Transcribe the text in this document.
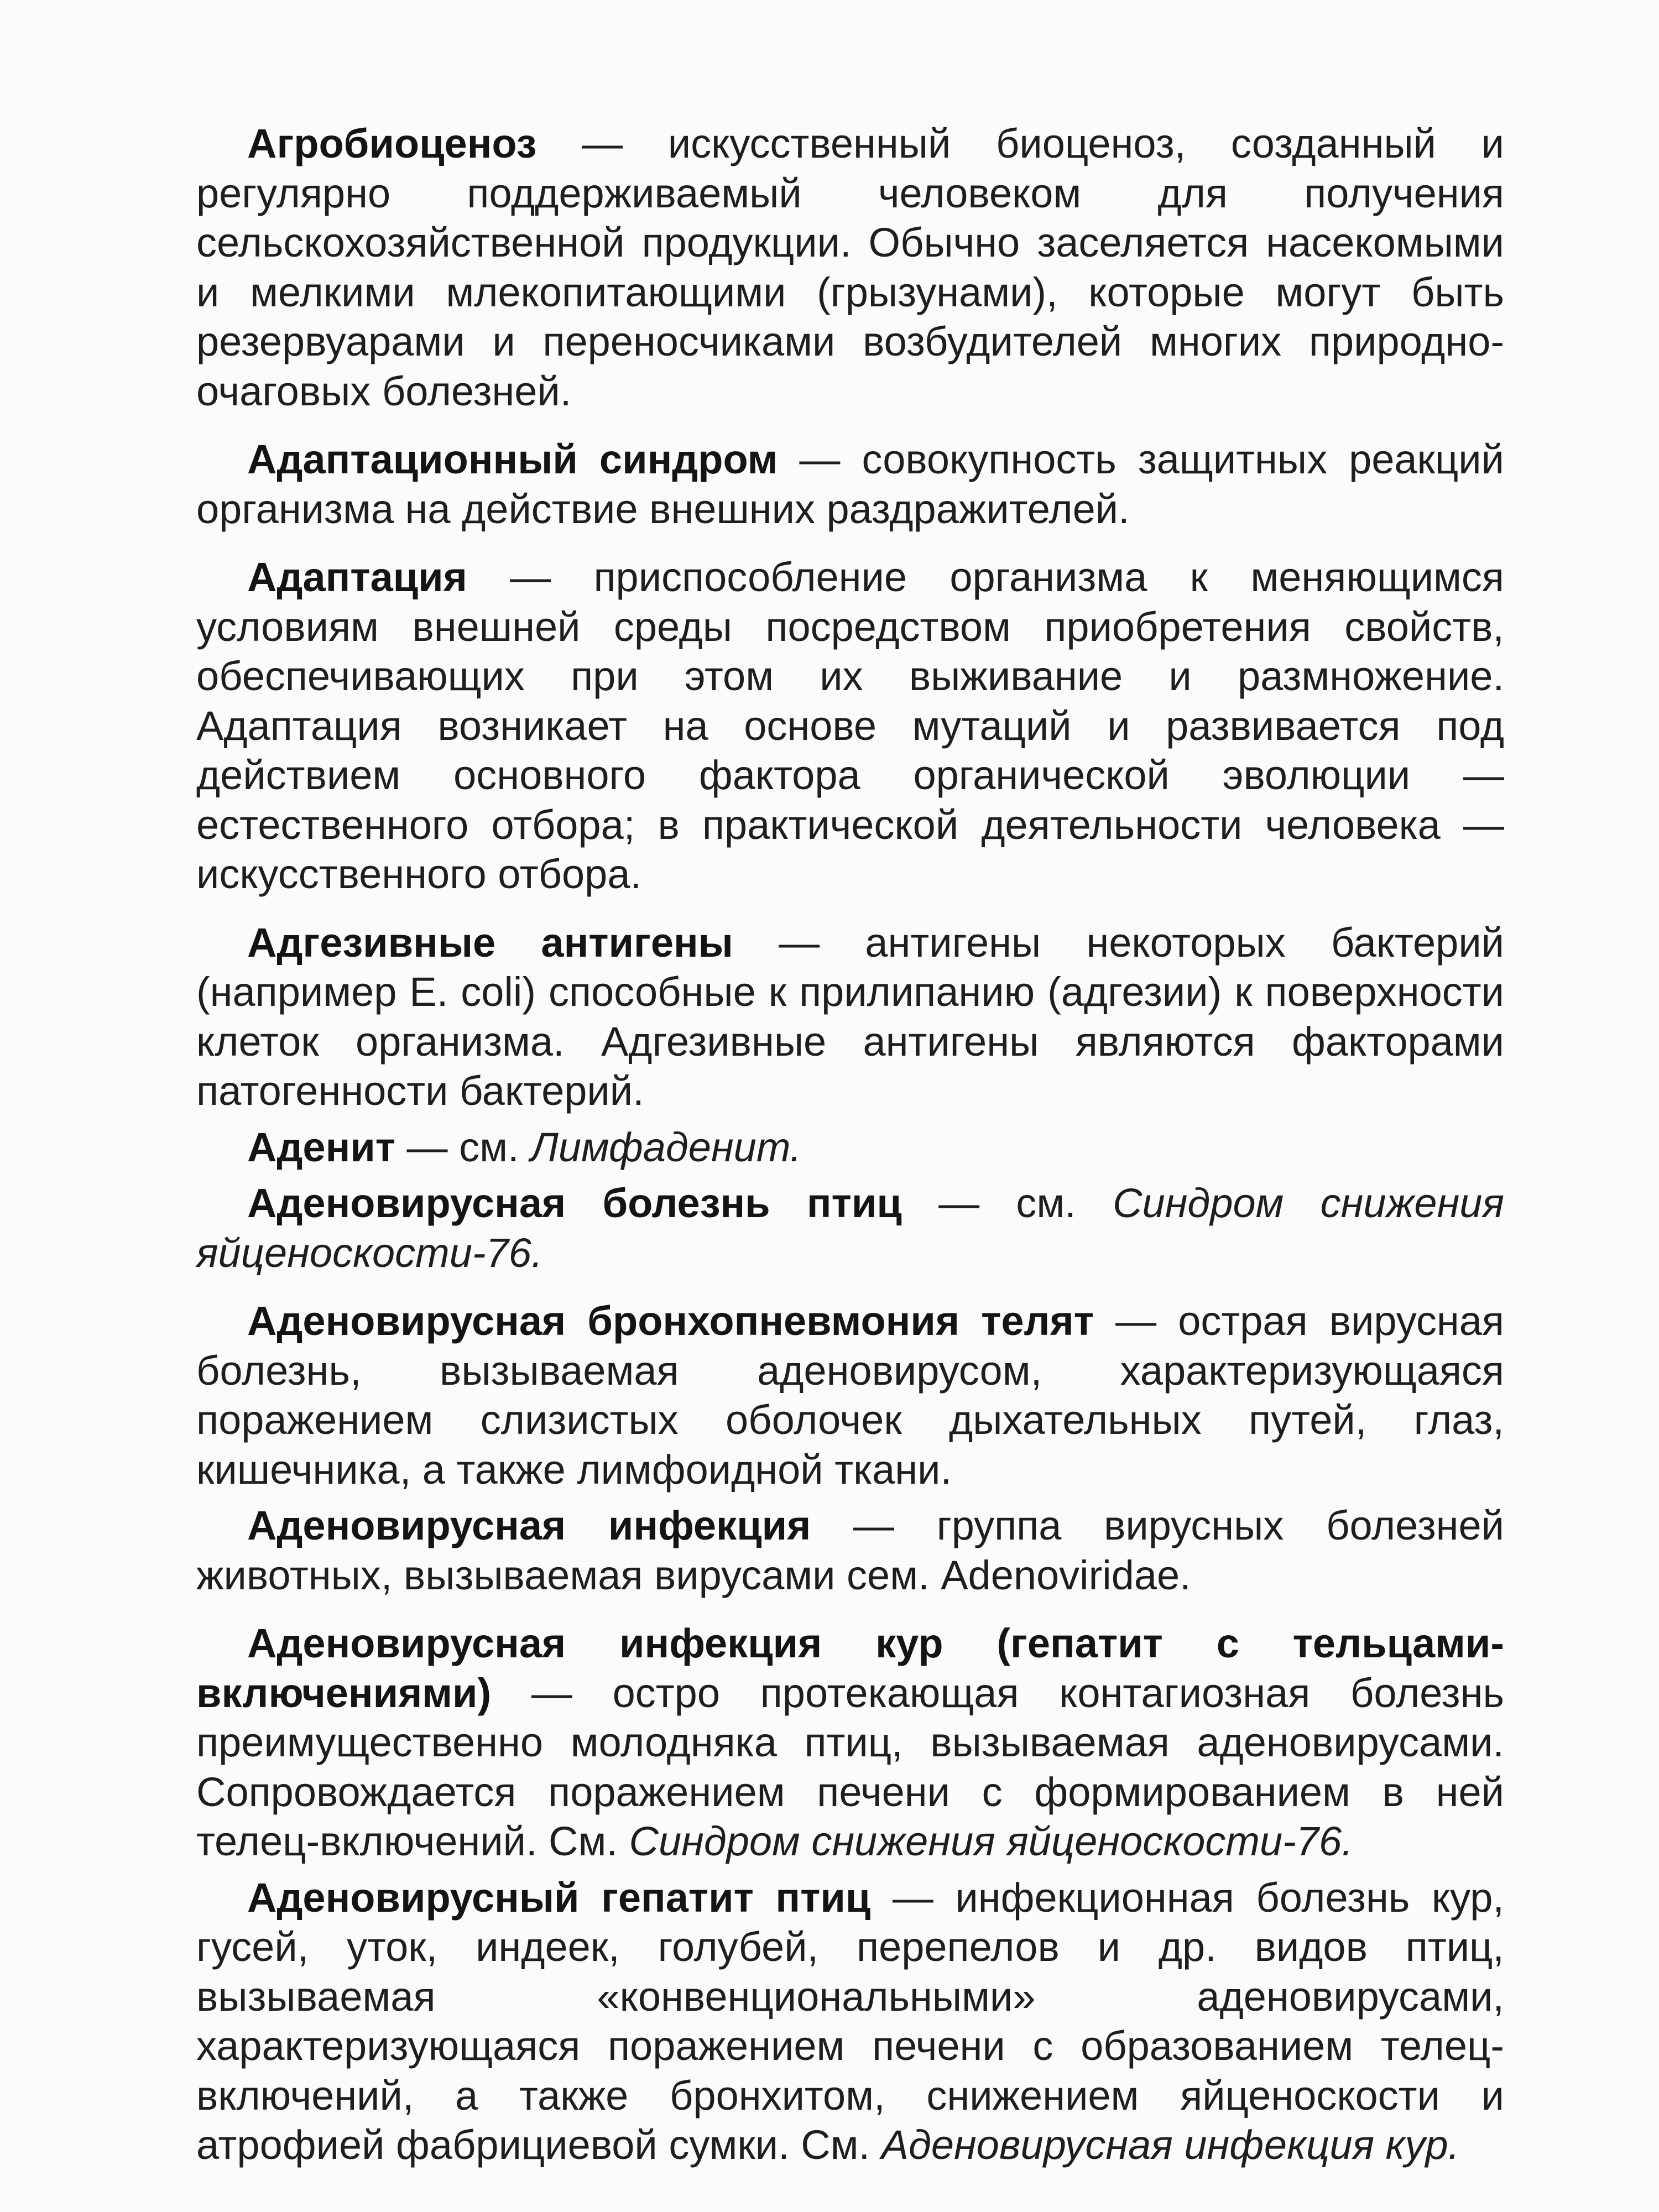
Агробиоценоз — искусственный биоценоз, созданный и регулярно поддерживаемый человеком для получения сельскохозяйственной продукции. Обычно заселяется насекомыми и мелкими млекопитающими (грызунами), которые могут быть резервуарами и переносчиками возбудителей многих природно-очаговых болезней.

Адаптационный синдром — совокупность защитных реакций организма на действие внешних раздражителей.

Адаптация — приспособление организма к меняющимся условиям внешней среды посредством приобретения свойств, обеспечивающих при этом их выживание и размножение. Адаптация возникает на основе мутаций и развивается под действием основного фактора органической эволюции — естественного отбора; в практической деятельности человека — искусственного отбора.

Адгезивные антигены — антигены некоторых бактерий (например E. coli) способные к прилипанию (адгезии) к поверхности клеток организма. Адгезивные антигены являются факторами патогенности бактерий.

Аденит — см. Лимфаденит.

Аденовирусная болезнь птиц — см. Синдром снижения яйценоскости-76.

Аденовирусная бронхопневмония телят — острая вирусная болезнь, вызываемая аденовирусом, характеризующаяся поражением слизистых оболочек дыхательных путей, глаз, кишечника, а также лимфоидной ткани.

Аденовирусная инфекция — группа вирусных болезней животных, вызываемая вирусами сем. Adenoviridae.

Аденовирусная инфекция кур (гепатит с тельцами-включениями) — остро протекающая контагиозная болезнь преимущественно молодняка птиц, вызываемая аденовирусами. Сопровождается поражением печени с формированием в ней телец-включений. См. Синдром снижения яйценоскости-76.

Аденовирусный гепатит птиц — инфекционная болезнь кур, гусей, уток, индеек, голубей, перепелов и др. видов птиц, вызываемая «конвенциональными» аденовирусами, характеризующаяся поражением печени с образованием телец-включений, а также бронхитом, снижением яйценоскости и атрофией фабрициевой сумки. См. Аденовирусная инфекция кур.
